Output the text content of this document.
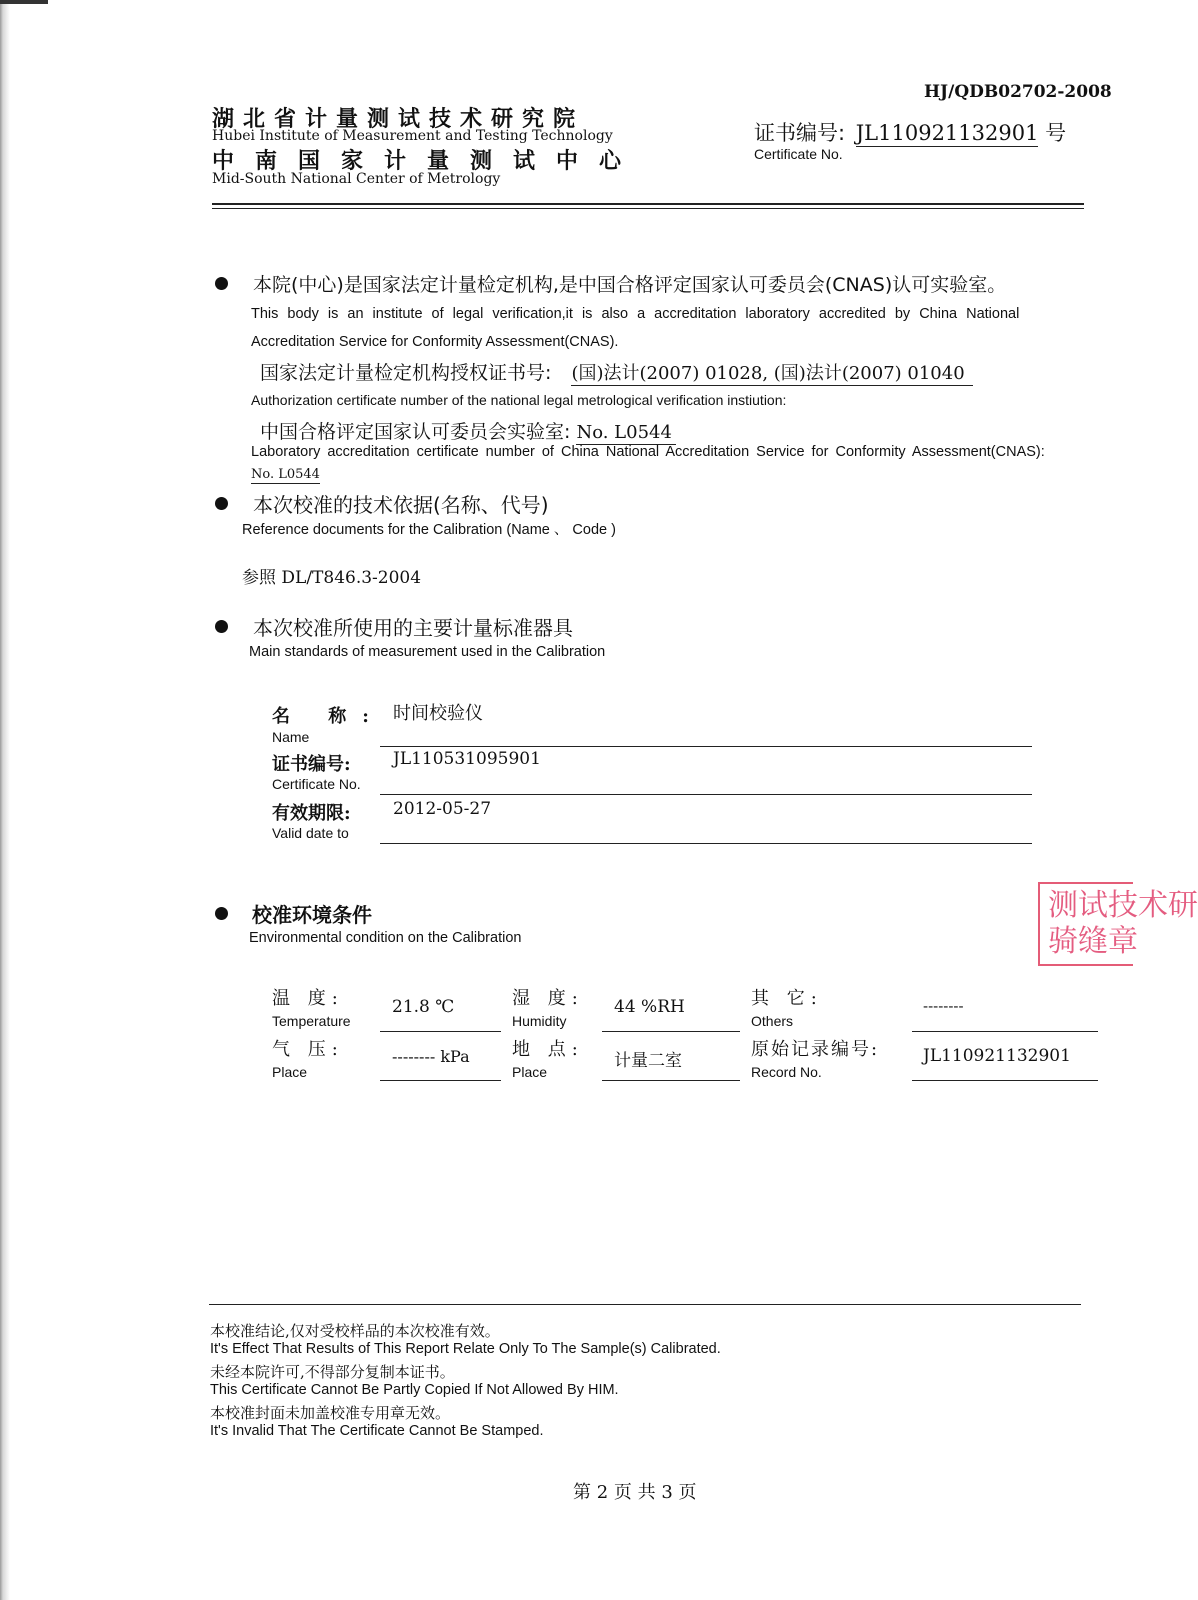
HJ/QDB02702-2008
湖北省计量测试技术研究院
Hubei Institute of Measurement and Testing Technology
中南国家计量测试中心
Mid-South National Center of Metrology
证书编号: JL110921132901 号
Certificate No.
本院(中心)是国家法定计量检定机构,是中国合格评定国家认可委员会(CNAS)认可实验室。
This body is an institute of legal verification,it is also a accreditation laboratory accredited by China National
Accreditation Service for Conformity Assessment(CNAS).
国家法定计量检定机构授权证书号: (国)法计(2007) 01028, (国)法计(2007) 01040
Authorization certificate number of the national legal metrological verification instiution:
中国合格评定国家认可委员会实验室: No. L0544
Laboratory accreditation certificate number of China National Accreditation Service for Conformity Assessment(CNAS):
No. L0544
本次校准的技术依据(名称、代号)
Reference documents for the Calibration (Name 、 Code )
参照 DL/T846.3-2004
本次校准所使用的主要计量标准器具
Main standards of measurement used in the Calibration
名 称:
Name
时间校验仪
证书编号:
Certificate No.
JL110531095901
有效期限:
Valid date to
2012-05-27
校准环境条件
Environmental condition on the Calibration
温 度:
Temperature
21.8 ℃	湿 度:
Humidity
44 %RH	其 它:
Others
--------
气 压:
Place
-------- kPa 地 点:
Place
计量二室
原始记录编号:
Record No.
JL110921132901
测试技术研
骑缝章
本校准结论,仅对受校样品的本次校准有效。
It's Effect That Results of This Report Relate Only To The Sample(s) Calibrated.
未经本院许可,不得部分复制本证书。
This Certificate Cannot Be Partly Copied If Not Allowed By HIM.
本校准封面未加盖校准专用章无效。
It's Invalid That The Certificate Cannot Be Stamped.
第 2 页 共 3 页
